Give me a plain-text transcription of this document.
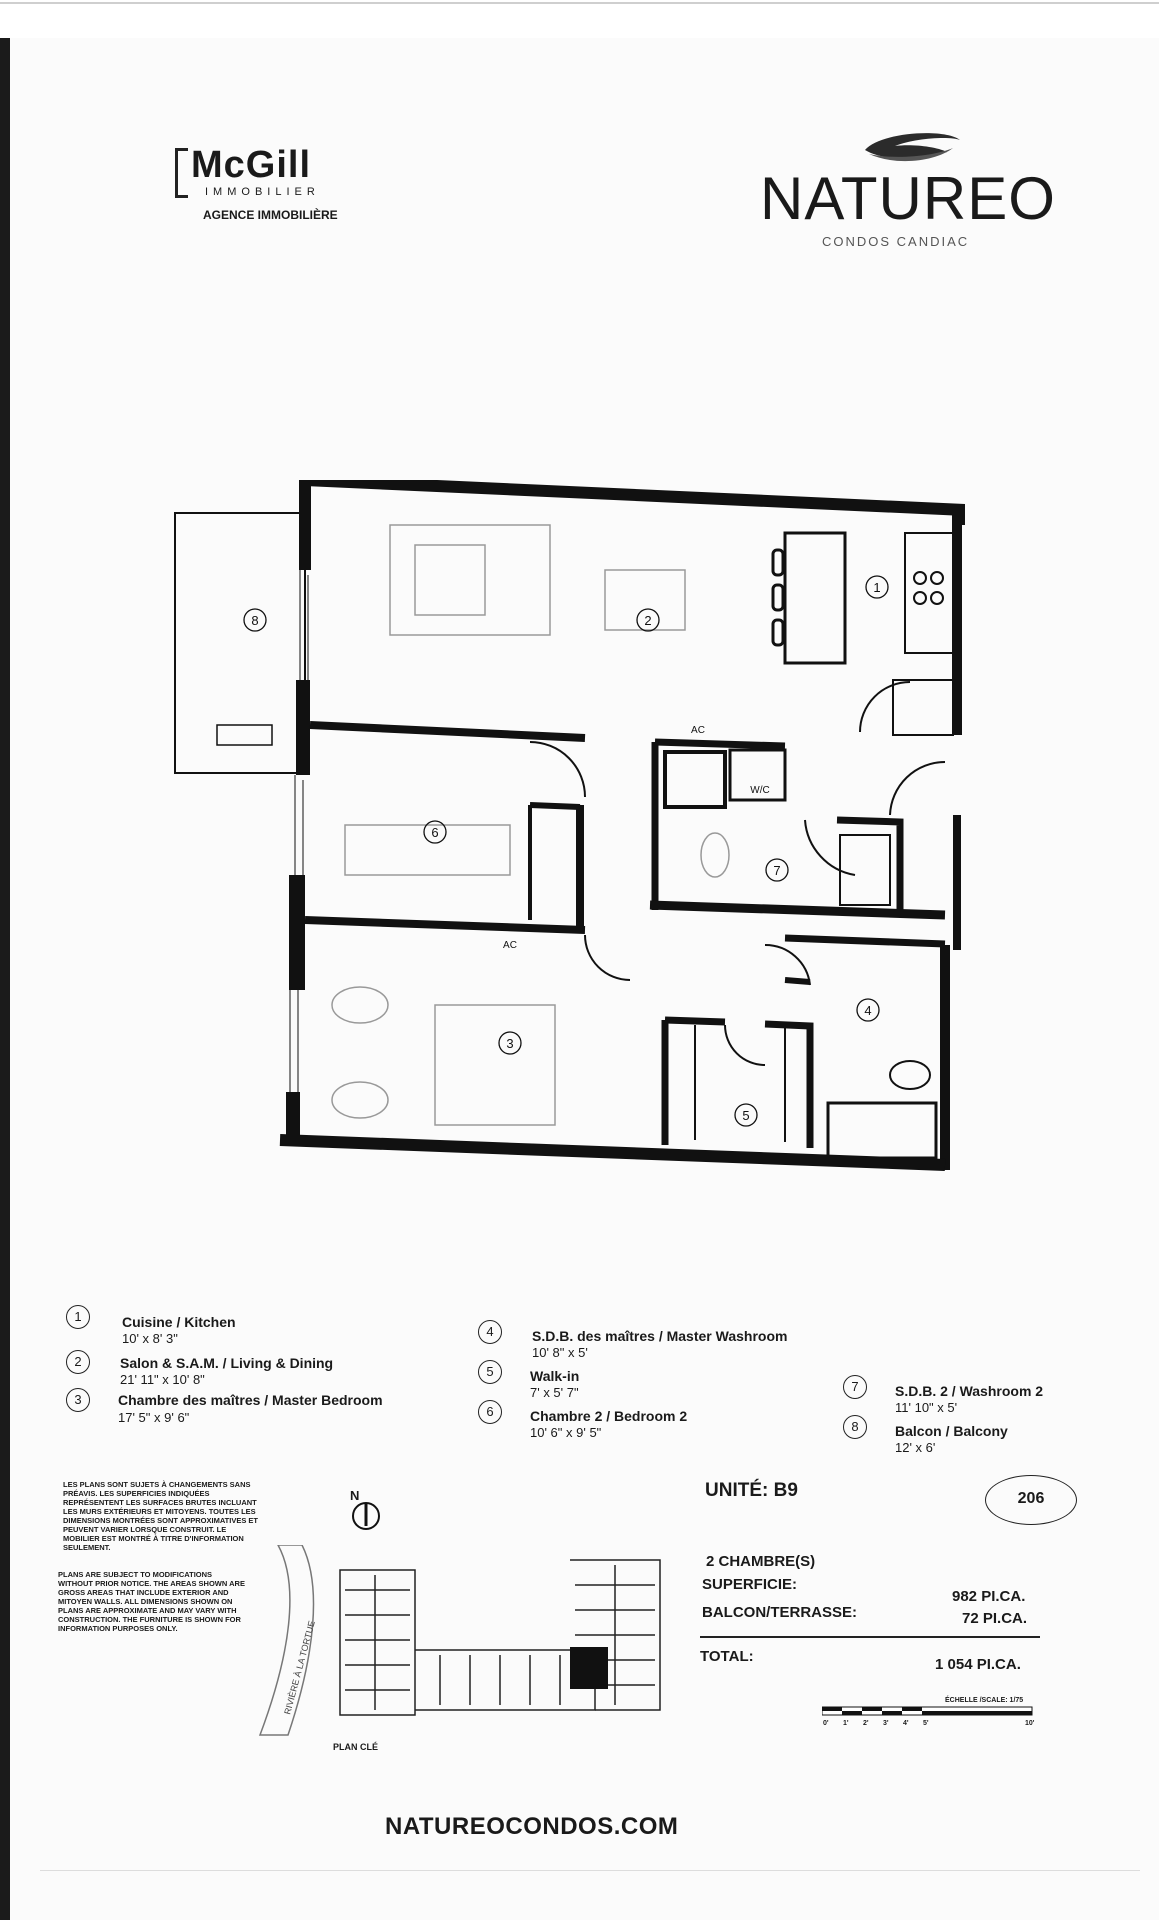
McGill
IMMOBILIER
AGENCE IMMOBILIÈRE	NATUREO
CONDOS CANDIAC
8	2
1
6
7
3
4
5
AC
AC
W/C
1	Cuisine / Kitchen
10' x 8' 3"
2	Salon & S.A.M. / Living & Dining
21' 11" x 10' 8"
3	Chambre des maîtres / Master Bedroom
17' 5" x 9' 6"
4	S.D.B. des maîtres / Master Washroom
10' 8" x 5'
5	Walk-in
7' x 5' 7"
6	Chambre 2 / Bedroom 2
10' 6" x 9' 5"
7	S.D.B. 2 / Washroom 2
11' 10" x 5'
8	Balcon / Balcony
12' x 6'
LES PLANS SONT SUJETS À CHANGEMENTS SANS PRÉAVIS. LES SUPERFICIES INDIQUÉES REPRÉSENTENT LES SURFACES BRUTES INCLUANT LES MURS EXTÉRIEURS ET MITOYENS. TOUTES LES DIMENSIONS MONTRÉES SONT APPROXIMATIVES ET PEUVENT VARIER LORSQUE CONSTRUIT. LE MOBILIER EST MONTRÉ À TITRE D'INFORMATION SEULEMENT.
PLANS ARE SUBJECT TO MODIFICATIONS WITHOUT PRIOR NOTICE. THE AREAS SHOWN ARE GROSS AREAS THAT INCLUDE EXTERIOR AND MITOYEN WALLS. ALL DIMENSIONS SHOWN ON PLANS ARE APPROXIMATE AND MAY VARY WITH CONSTRUCTION. THE FURNITURE IS SHOWN FOR INFORMATION PURPOSES ONLY.
N
RIVIÈRE À LA TORTUE
PLAN CLÉ
UNITÉ: B9	206
2 CHAMBRE(S)
SUPERFICIE:
982 PI.CA.
BALCON/TERRASSE:	72 PI.CA.
TOTAL:	1 054 PI.CA.
ÉCHELLE /SCALE: 1/75
0' 1' 2' 3' 4' 5'	10'
NATUREOCONDOS.COM
